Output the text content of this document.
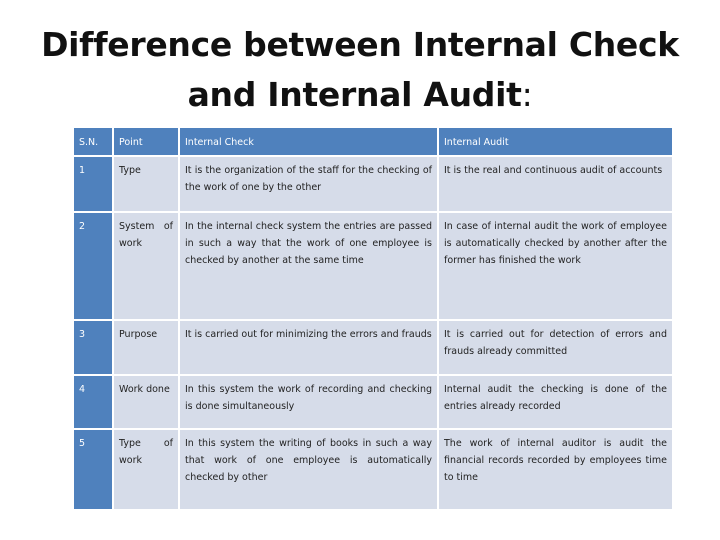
Difference between Internal Check
and Internal Audit:
S.N.	Point	Internal Check	Internal Audit
1	Type	It is the organization of the staff for the checking of the work of one by the other	It is the real and continuous audit of accounts
2	System of work	In the internal check system the entries are passed in such a way that the work of one employee is checked by another at the same time	In case of internal audit the work of employee is automatically checked by another after the former has finished the work
3	Purpose	It is carried out for minimizing the errors and frauds	It is carried out for detection of errors and frauds already committed
4	Work done	In this system the work of recording and checking is done simultaneously	Internal audit the checking is done of the entries already recorded
5	Type of work	In this system the writing of books in such a way that work of one employee is automatically checked by other	The work of internal auditor is audit the financial records recorded by employees time to time
